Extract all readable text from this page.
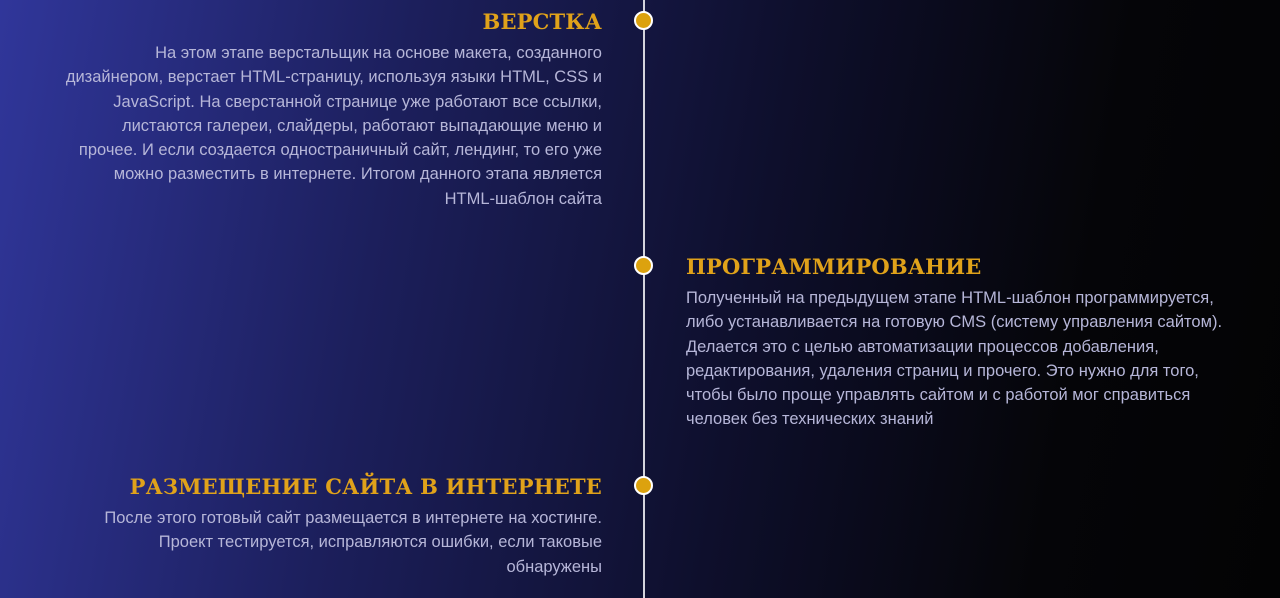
ВЕРСТКА

На этом этапе верстальщик на основе макета, созданного
дизайнером, верстает HTML-страницу, используя языки HTML, CSS и
JavaScript. На сверстанной странице уже работают все ссылки,
листаются галереи, слайдеры, работают выпадающие меню и
прочее. И если создается одностраничный сайт, лендинг, то его уже
можно разместить в интернете. Итогом данного этапа является
HTML-шаблон сайта

ПРОГРАММИРОВАНИЕ

Полученный на предыдущем этапе HTML-шаблон программируется,
либо устанавливается на готовую CMS (систему управления сайтом).
Делается это с целью автоматизации процессов добавления,
редактирования, удаления страниц и прочего. Это нужно для того,
чтобы было проще управлять сайтом и с работой мог справиться
человек без технических знаний

РАЗМЕЩЕНИЕ САЙТА В ИНТЕРНЕТЕ

После этого готовый сайт размещается в интернете на хостинге.
Проект тестируется, исправляются ошибки, если таковые
обнаружены
